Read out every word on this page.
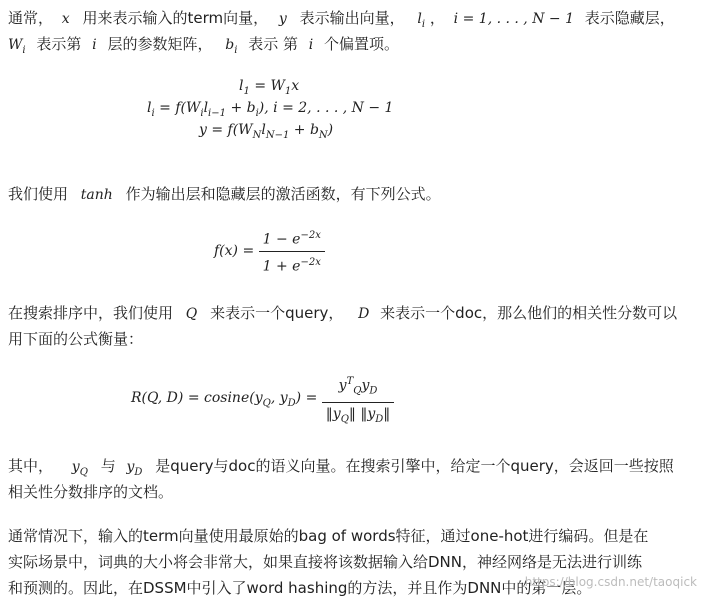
通常， x 用来表示输入的term向量， y 表示输出向量， $l_i$ ， i = 1, . . . , N − 1 表示隐藏层，
$W_i$ 表示第 i 层的参数矩阵， $b_i$ 表示 第 i 个偏置项。
$l_1 = W_1x$
$l_i = f(W_il_{i-1} + b_i)$, i = 2, . . . , N − 1
$y = f(W_Nl_{N-1} + b_N)$
我们使用 tanh 作为输出层和隐藏层的激活函数，有下列公式。
$f(x) = \frac{1 - e^{-2x}}{1 + e^{-2x}}$
在搜索排序中，我们使用 Q 来表示一个query， D 来表示一个doc，那么他们的相关性分数可以
用下面的公式衡量：
R(Q, $D) = cosine(y_Q$, $y_D) = \frac{y^T_Qy_D}{‖y_Q‖ ‖y_D‖}$
其中， $y_Q$ 与 $y_D$ 是query与doc的语义向量。在搜索引擎中，给定一个query，会返回一些按照
相关性分数排序的文档。
通常情况下，输入的term向量使用最原始的bag of words特征，通过one-hot进行编码。但是在
实际场景中，词典的大小将会非常大，如果直接将该数据输入给DNN，神经网络是无法进行训练
和预测的。因此，在DSSM中引入了word hashing的方法，并且作为DNN中的第一层。
https://blog.csdn.net/taoqick
